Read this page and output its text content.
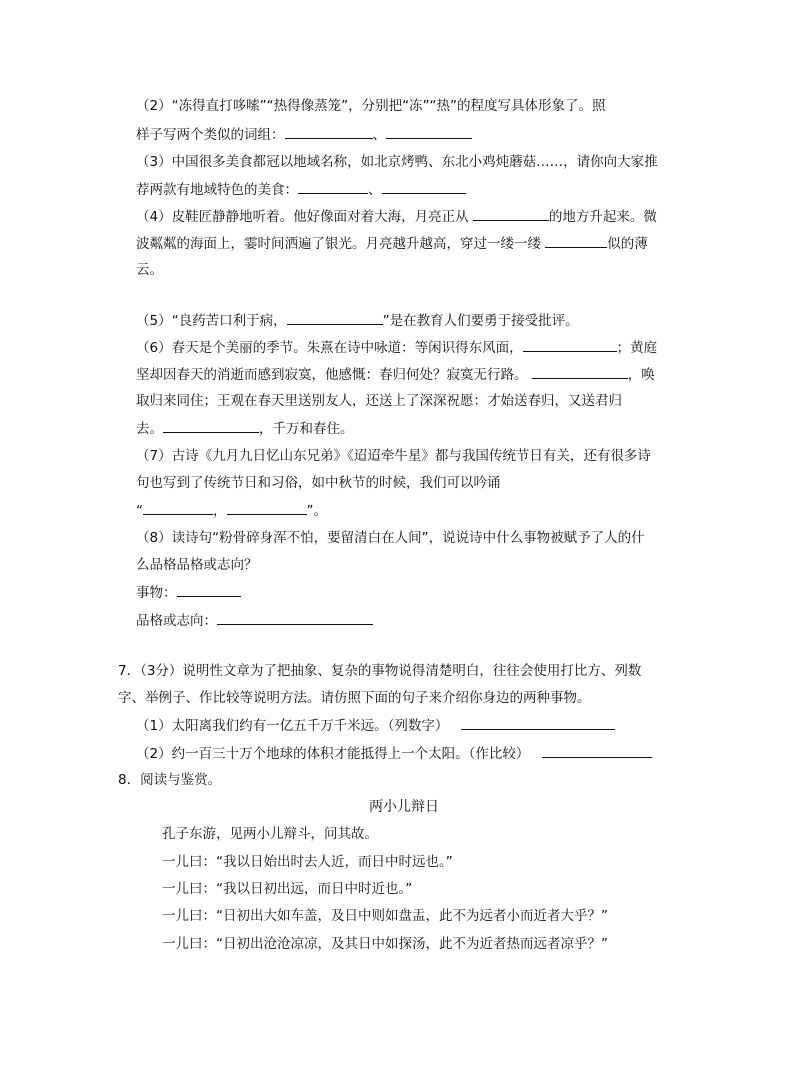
（2）“冻得直打哆嗦”“热得像蒸笼”，分别把“冻”“热”的程度写具体形象了。照
样子写两个类似的词组：	、
（3）中国很多美食都冠以地域名称，如北京烤鸭、东北小鸡炖蘑菇……，请你向大家推
荐两款有地域特色的美食：	、
（4）皮鞋匠静静地听着。他好像面对着大海，月亮正从	的地方升起来。微
波粼粼的海面上，霎时间洒遍了银光。月亮越升越高，穿过一缕一缕	似的薄
云。
（5）“良药苦口利于病，	”是在教育人们要勇于接受批评。
（6）春天是个美丽的季节。朱熹在诗中咏道：等闲识得东风面，	；黄庭
坚却因春天的消逝而感到寂寞，他感慨：春归何处？寂寞无行路。	，唤
取归来同住；王观在春天里送别友人，还送上了深深祝愿：才始送春归，又送君归
去。	，千万和春住。
（7）古诗《九月九日忆山东兄弟》《迢迢牵牛星》都与我国传统节日有关，还有很多诗
句也写到了传统节日和习俗，如中秋节的时候，我们可以吟诵
“	，	”。
（8）读诗句“粉骨碎身浑不怕，要留清白在人间”，说说诗中什么事物被赋予了人的什
么品格品格或志向？
事物：
品格或志向：
7．（3分）说明性文章为了把抽象、复杂的事物说得清楚明白，往往会使用打比方、列数
字、举例子、作比较等说明方法。请仿照下面的句子来介绍你身边的两种事物。
（1）太阳离我们约有一亿五千万千米远。（列数字）
（2）约一百三十万个地球的体积才能抵得上一个太阳。（作比较）
8．阅读与鉴赏。
两小儿辩日
孔子东游，见两小儿辩斗，问其故。
一儿曰：“我以日始出时去人近，而日中时远也。”
一儿曰：“我以日初出远，而日中时近也。”
一儿曰：“日初出大如车盖，及日中则如盘盂，此不为远者小而近者大乎？”
一儿曰：“日初出沧沧凉凉，及其日中如探汤，此不为近者热而远者凉乎？”
